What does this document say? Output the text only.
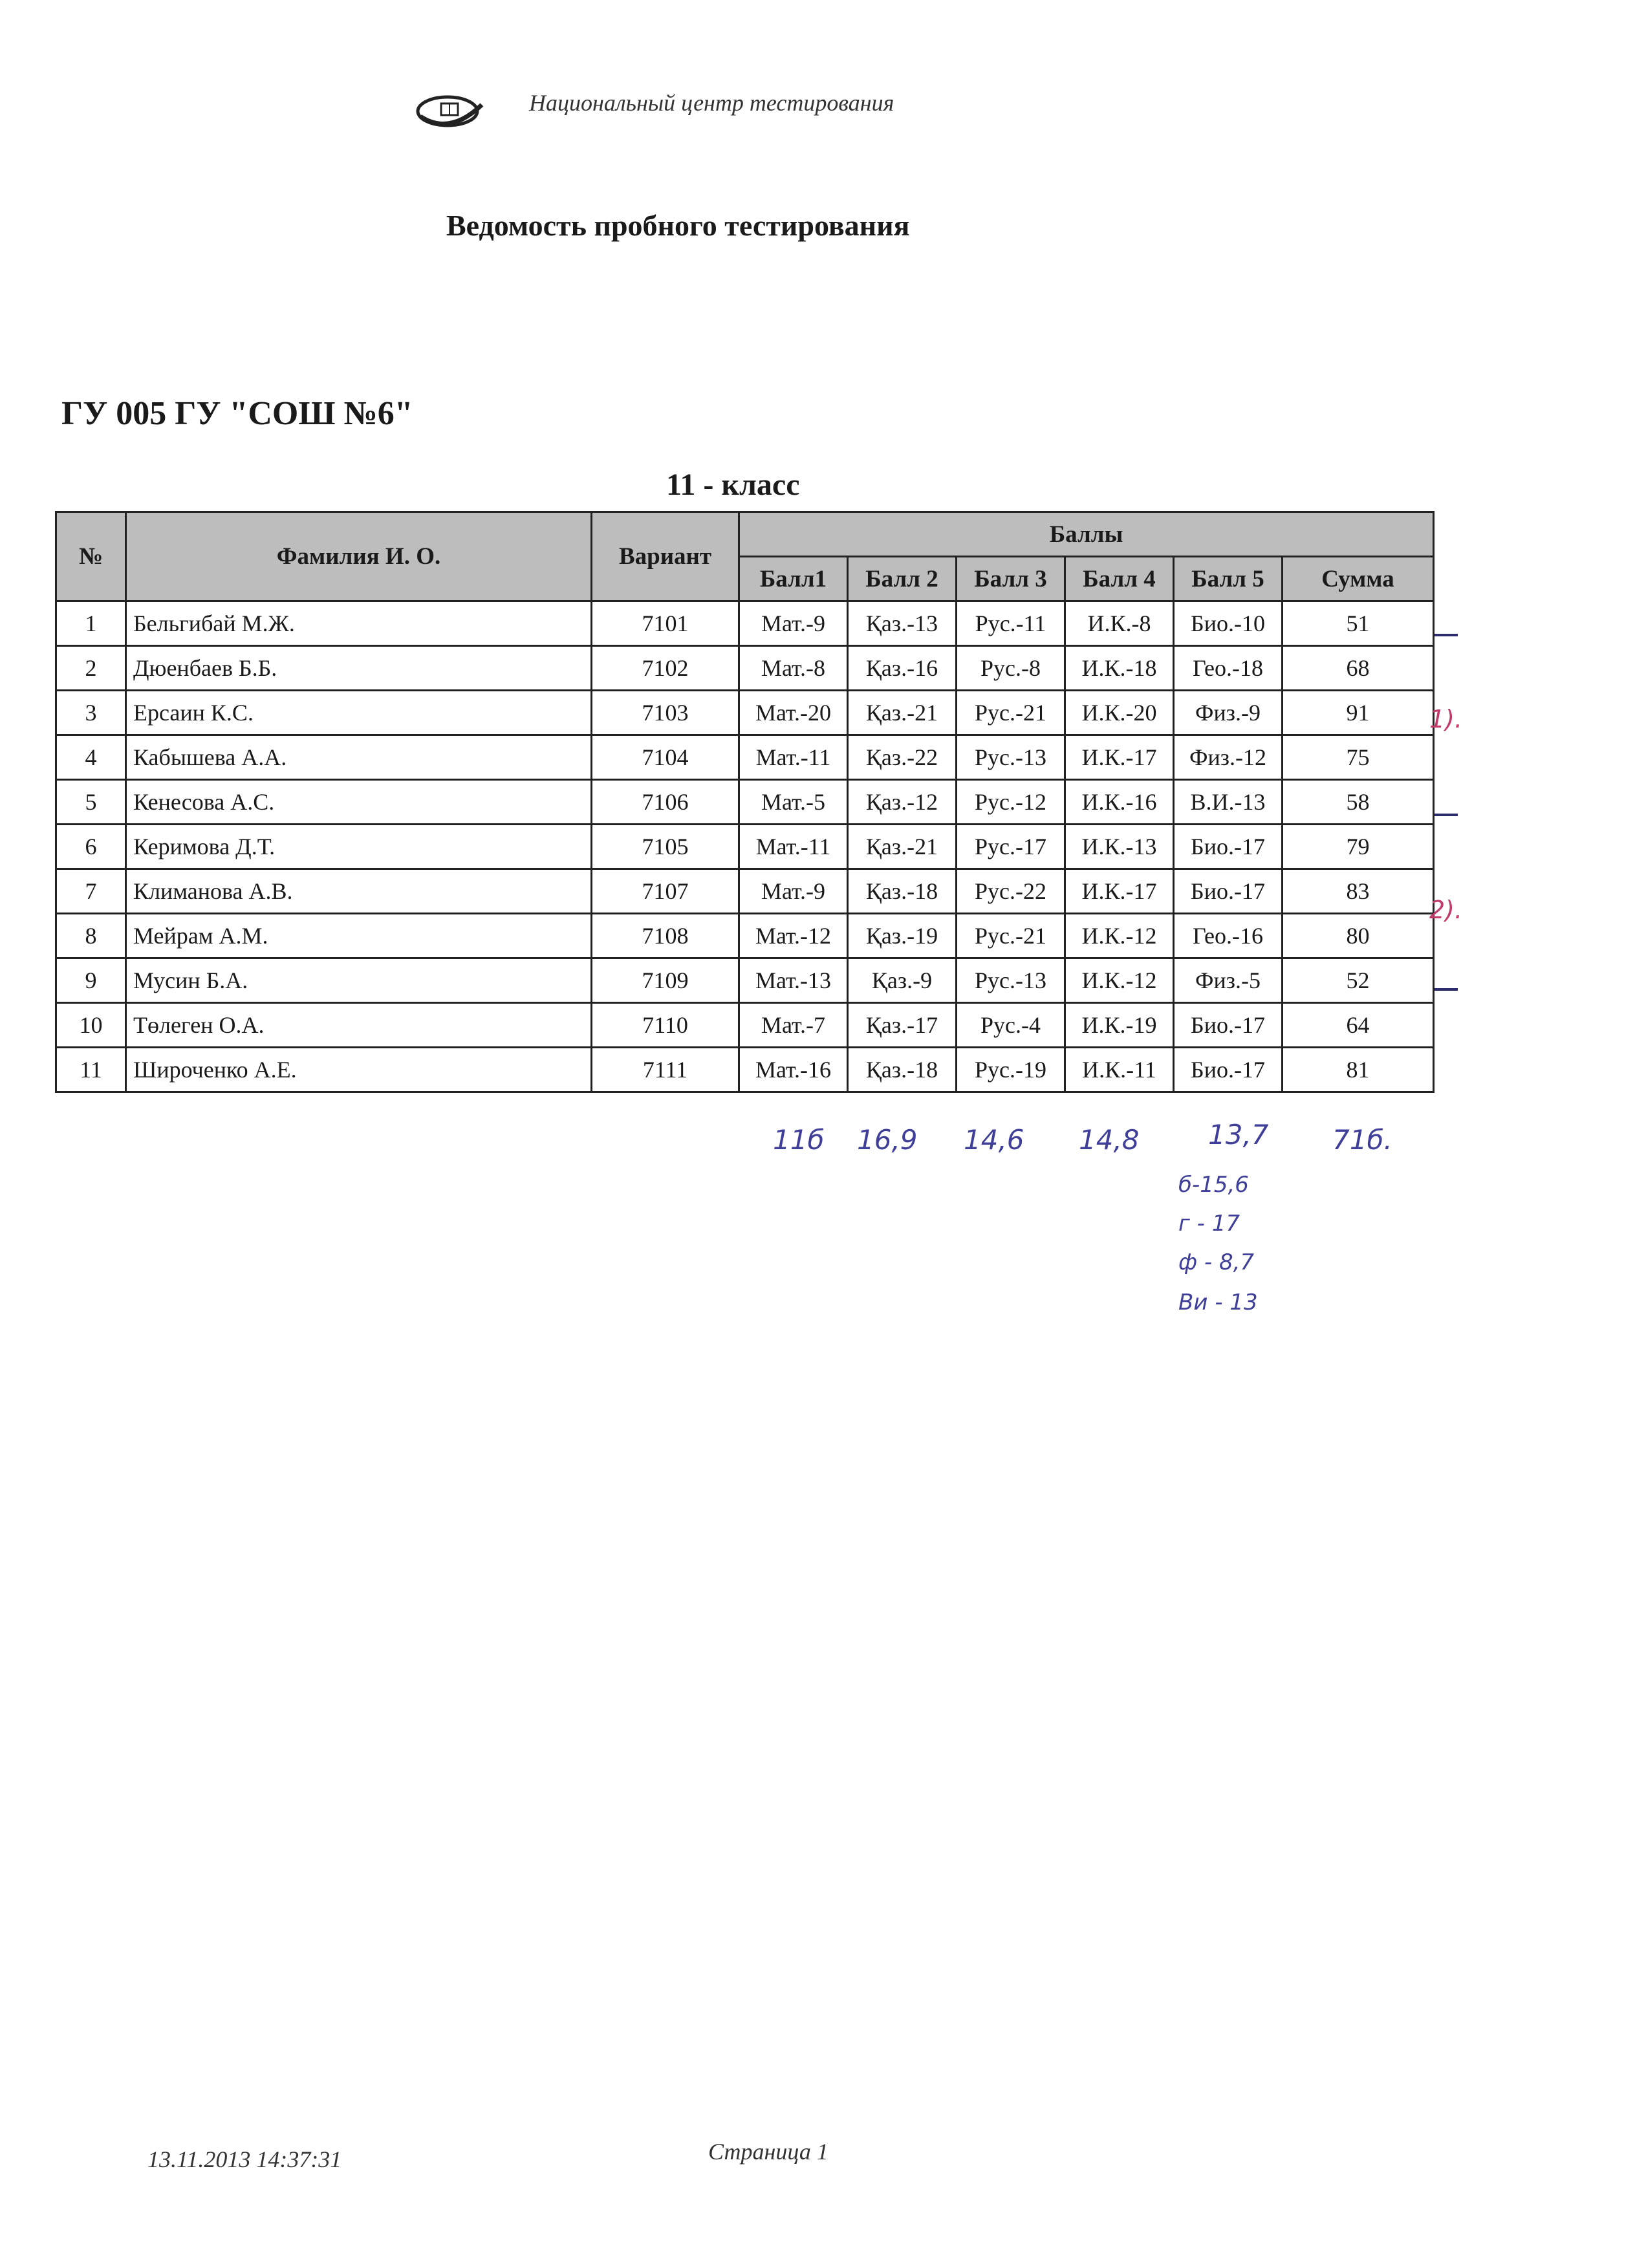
Национальный центр тестирования
Ведомость пробного тестирования
ГУ 005 ГУ "СОШ №6"
11 - класс
№	Фамилия И. О.	Вариант	Баллы					
			Балл1	Балл 2	Балл 3	Балл 4	Балл 5	Сумма
1	Бельгибай М.Ж.	7101	Мат.-9	Қаз.-13	Рус.-11	И.К.-8	Био.-10	51
2	Дюенбаев Б.Б.	7102	Мат.-8	Қаз.-16	Рус.-8	И.К.-18	Гео.-18	68
3	Ерсаин К.С.	7103	Мат.-20	Қаз.-21	Рус.-21	И.К.-20	Физ.-9	91
4	Кабышева А.А.	7104	Мат.-11	Қаз.-22	Рус.-13	И.К.-17	Физ.-12	75
5	Кенесова А.С.	7106	Мат.-5	Қаз.-12	Рус.-12	И.К.-16	В.И.-13	58
6	Керимова Д.Т.	7105	Мат.-11	Қаз.-21	Рус.-17	И.К.-13	Био.-17	79
7	Климанова А.В.	7107	Мат.-9	Қаз.-18	Рус.-22	И.К.-17	Био.-17	83
8	Мейрам А.М.	7108	Мат.-12	Қаз.-19	Рус.-21	И.К.-12	Гео.-16	80
9	Мусин Б.А.	7109	Мат.-13	Қаз.-9	Рус.-13	И.К.-12	Физ.-5	52
10	Төлеген О.А.	7110	Мат.-7	Қаз.-17	Рус.-4	И.К.-19	Био.-17	64
11	Широченко А.Е.	7111	Мат.-16	Қаз.-18	Рус.-19	И.К.-11	Био.-17	81
11б 16,9 14,6 14,8	13,7 71б.
б-15,6
г - 17
ф - 8,7
Ви - 13
1).
2).
13.11.2013 14:37:31	Страница 1
